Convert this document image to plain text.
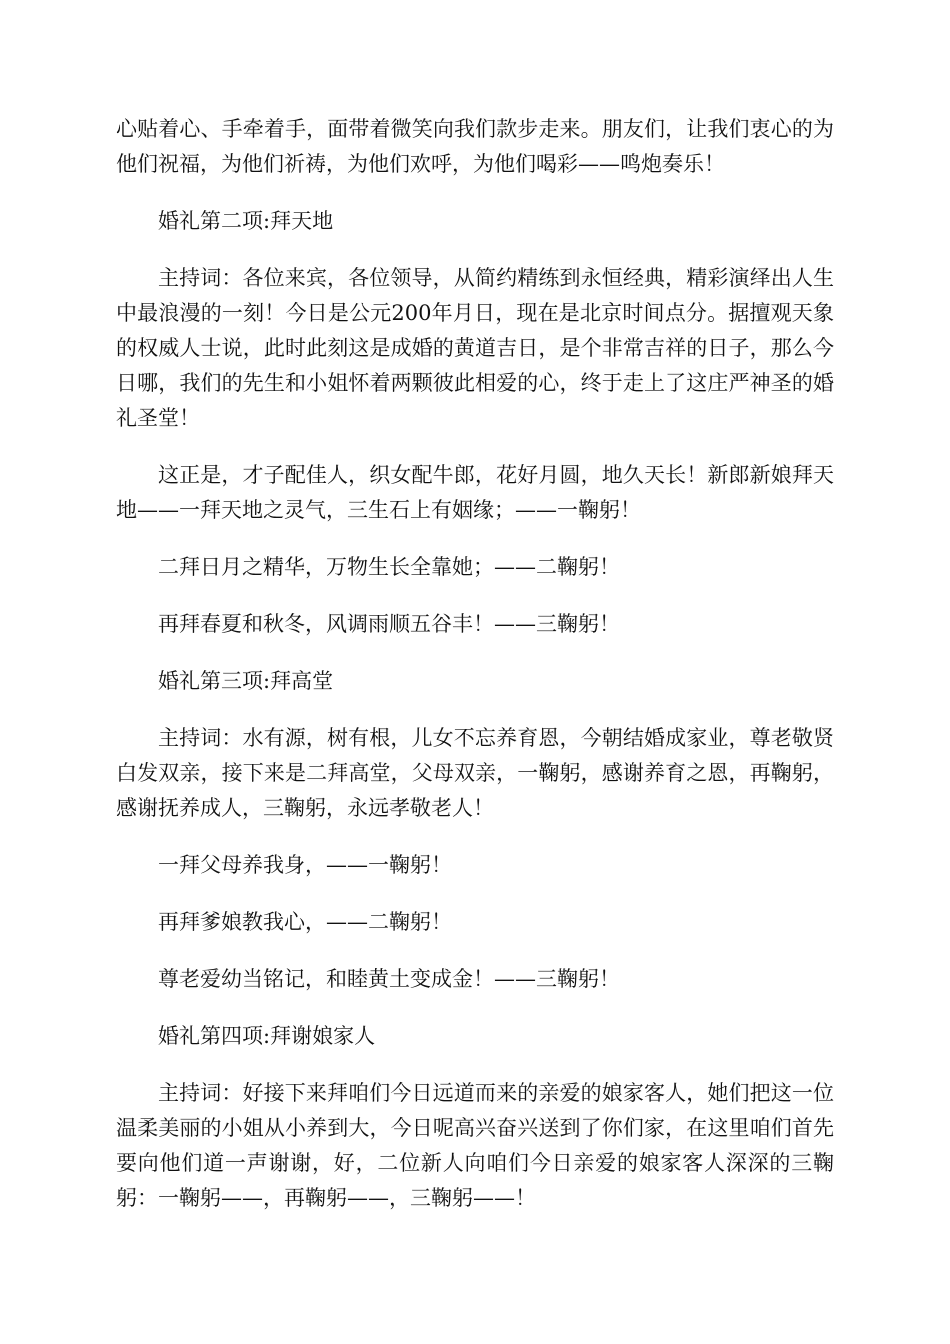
心贴着心、手牵着手，面带着微笑向我们款步走来。朋友们，让我们衷心的为他们祝福，为他们祈祷，为他们欢呼，为他们喝彩——鸣炮奏乐！

婚礼第二项:拜天地

主持词：各位来宾，各位领导，从简约精练到永恒经典，精彩演绎出人生中最浪漫的一刻！今日是公元200年月日，现在是北京时间点分。据擅观天象的权威人士说，此时此刻这是成婚的黄道吉日，是个非常吉祥的日子，那么今日哪，我们的先生和小姐怀着两颗彼此相爱的心，终于走上了这庄严神圣的婚礼圣堂！

这正是，才子配佳人，织女配牛郎，花好月圆，地久天长！新郎新娘拜天地——一拜天地之灵气，三生石上有姻缘；——一鞠躬！

二拜日月之精华，万物生长全靠她；——二鞠躬！

再拜春夏和秋冬，风调雨顺五谷丰！——三鞠躬！

婚礼第三项:拜高堂

主持词：水有源，树有根，儿女不忘养育恩，今朝结婚成家业，尊老敬贤白发双亲，接下来是二拜高堂，父母双亲，一鞠躬，感谢养育之恩，再鞠躬，感谢抚养成人，三鞠躬，永远孝敬老人！

一拜父母养我身，——一鞠躬！

再拜爹娘教我心，——二鞠躬！

尊老爱幼当铭记，和睦黄土变成金！——三鞠躬！

婚礼第四项:拜谢娘家人

主持词：好接下来拜咱们今日远道而来的亲爱的娘家客人，她们把这一位温柔美丽的小姐从小养到大，今日呢高兴奋兴送到了你们家，在这里咱们首先要向他们道一声谢谢，好，二位新人向咱们今日亲爱的娘家客人深深的三鞠躬：一鞠躬——，再鞠躬——，三鞠躬——！
